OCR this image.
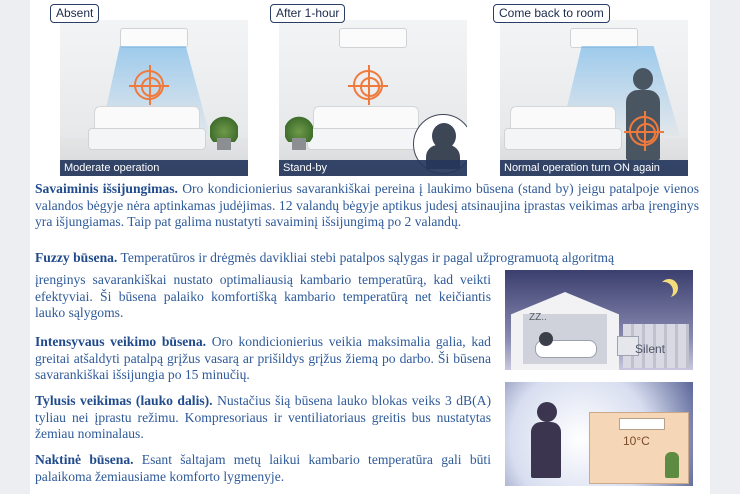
Moderate operation
Absent
Stand-by
After 1-hour
Normal operation turn ON again
Come back to room
Savaiminis išsijungimas. Oro kondicionierius savarankiškai pereina į laukimo būsena (stand by) jeigu patalpoje vienos valandos bėgyje nėra aptinkamas judėjimas. 12 valandų bėgyje aptikus judesį atsinaujina įprastas veikimas arba įrenginys yra išjungiamas. Taip pat galima nustatyti savaiminį išsijungimą po 2 valandų.
Fuzzy būsena. Temperatūros ir drėgmės davikliai stebi patalpos sąlygas ir pagal užprogramuotą algoritmą
įrenginys savarankiškai nustato optimaliausią kambario temperatūrą, kad veikti efektyviai. Ši būsena palaiko komfortišką kambario temperatūrą net keičiantis lauko sąlygoms.
Intensyvaus veikimo būsena. Oro kondicionierius veikia maksimalia galia, kad greitai atšaldyti patalpą grįžus vasarą ar prišildys grįžus žiemą po darbo. Ši būsena savarankiškai išsijungia po 15 minučių.
Tylusis veikimas (lauko dalis). Nustačius šią būsena lauko blokas veiks 3 dB(A) tyliau nei įprastu režimu. Kompresoriaus ir ventiliatoriaus greitis bus nustatytas žemiau nominalaus.
Naktinė būsena. Esant šaltajam metų laikui kambario temperatūra gali būti palaikoma žemiausiame komforto lygmenyje.
ZZ..
Silent
10°C
